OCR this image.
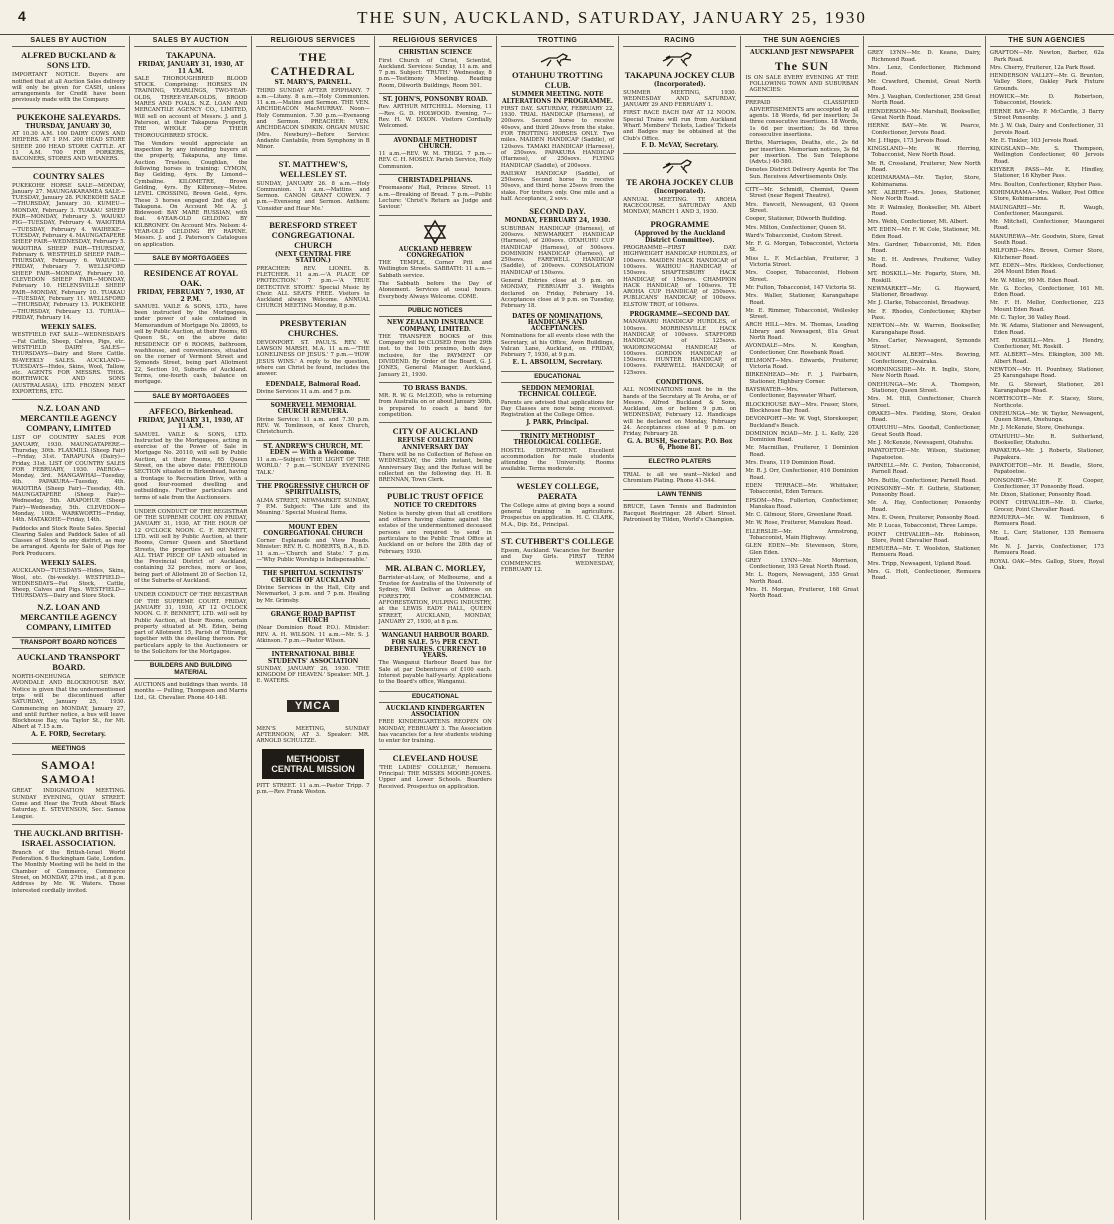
4	THE SUN, AUCKLAND, SATURDAY, JANUARY 25, 1930
SALES BY AUCTION
ALFRED BUCKLAND & SONS LTD.

IMPORTANT NOTICE. Buyers are notified that at all Auction Sales delivery will only be given for CASH, unless arrangements for Credit have been previously made with the Company.

PUKEKOHE SALEYARDS.
THURSDAY, JANUARY 30,

AT 10.30 A.M. 100 DAIRY COWS AND HEIFERS. AT 1 P.M. 200 HEAD STORE SHEEP. 200 HEAD STORE CATTLE. AT 11 A.M. 700 FOR PORKERS, BACONERS, STORES AND WEANERS.

COUNTRY SALES

PUKEKOHE HORSE SALE—MONDAY, January 27. MAUNGAKARAMEA SALE—TUESDAY, January 28. PUKEKOHE SALE—THURSDAY, January 30. KUMEU—MONDAY, February 3. TUAKAU SHEEP FAIR—MONDAY, February 3. WAIUKU FIG—TUESDAY, February 4. WAIOTIRA—TUESDAY, February 4. WAIHEKE—TUESDAY, February 4. MAUNGATAPERE SHEEP FAIR—WEDNESDAY, February 5. WAIOTIRA SHEEP FAIR—THURSDAY, February 6. WESTFIELD SHEEP FAIR—THURSDAY, February 6. WAIUKU—FRIDAY, February 7. WELLSFORD SHEEP FAIR—MONDAY, February 10. CLEVEDON SHEEP FAIR—MONDAY, February 10. HELENSVILLE SHEEP FAIR—MONDAY, February 10. TUAKAU—TUESDAY, February 11. WELLSFORD—THURSDAY, February 13. PUKEKOHE—THURSDAY, February 13. TURUA—FRIDAY, February 14.

WEEKLY SALES.

WESTFIELD FAT SALE—WEDNESDAYS—Fat Cattle, Sheep, Calves, Pigs, etc. WESTFIELD DAIRY SALES—THURSDAYS—Dairy and Store Cattle. BI-WEEKLY SALES. AUCKLAND—TUESDAYS—Hides, Skins, Wool, Tallow, etc. AGENTS FOR MESSRS. THOS. BORTHWICK AND SONS (AUSTRALASIA), LTD. FROZEN MEAT EXPORTERS, ETC.

N.Z. LOAN AND MERCANTILE AGENCY COMPANY, LIMITED

LIST OF COUNTRY SALES FOR JANUARY, 1930. MAUNGATAPERE—Thursday, 30th. FLAXMILL (Sheep Fair)—Friday, 31st. TARAPUNA (Dairy)—Friday, 31st. LIST OF COUNTRY SALES FOR FEBRUARY, 1930. PAEROA—Monday, 3rd. MANGAWHAI—Tuesday, 4th. PAPAKURA—Tuesday, 4th. WAIOTIRA (Sheep Fair)—Tuesday, 4th. MAUNGATAPERE (Sheep Fair)—Wednesday, 5th. ARAPOHUE (Sheep Fair)—Wednesday, 5th. CLEVEDON—Monday, 10th. WARKWORTH—Friday, 14th. MATAKOHE—Friday, 14th.

Paddocks and Stock Route Sales. Special Clearing Sales and Paddock Sales of all Classes of Stock to any district, as may be arranged. Agents for Sale of Pigs for Pork Producers.

WEEKLY SALES.

AUCKLAND—TUESDAYS—Hides, Skins, Wool, etc. (bi-weekly). WESTFIELD—WEDNESDAYS—Fat Stock, Cattle, Sheep, Calves and Pigs. WESTFIELD—THURSDAYS—Dairy and Store Stock.

N.Z. LOAN AND MERCANTILE AGENCY COMPANY, LIMITED
TRANSPORT BOARD NOTICES
AUCKLAND TRANSPORT BOARD.

NORTH-ONEHUNGA SERVICE AVONDALE AND BLOCKHOUSE BAY. Notice is given that the undermentioned trips will be discontinued after SATURDAY, January 25, 1930. Commencing on MONDAY, January 27, and until further notice, a bus will leave Blockhouse Bay, via Taylor St., for Mt. Albert at 7.15 a.m.

A. E. FORD, Secretary.
MEETINGS
SAMOA! SAMOA!

GREAT INDIGNATION MEETING. SUNDAY EVENING, QUAY STREET. Come and Hear the Truth About Black Saturday. E. STEVENSON, Sec. Samoa League.

THE AUCKLAND BRITISH-ISRAEL ASSOCIATION.

Branch of the British-Israel World Federation. 6 Buckingham Gate, London. The Monthly Meeting will be held in the Chamber of Commerce, Commerce Street, on MONDAY, 27th inst., at 8 p.m. Address by Mr. W. Waters. Those interested cordially invited.

SALES BY AUCTION
TAKAPUNA.
FRIDAY, JANUARY 31, 1930, AT 11 A.M.

SALE THOROUGHBRED BLOOD STOCK. Comprising: HORSES IN TRAINING, YEARLINGS, TWO-YEAR-OLDS, THREE-YEAR-OLDS, BROOD MARES AND FOALS. N.Z. LOAN AND MERCANTILE AGENCY CO., LIMITED, Will sell on account of Messrs. J. and J. Paterson, at their Takapuna Property, THE WHOLE OF THEIR THOROUGHBRED STOCK.

The Vendors would appreciate an inspection by any intending buyers at the property, Takapuna, any time. Auction Trustees, Coughlan, the following horses in training: CYMON, Bay Gelding, 4yrs. By Limond—Cymbaline. KILOMETRE, Brown Gelding, 4yrs. By Kilbroney—Metre. LEVEL CROSSING, Brown Geld., 4yrs. These 3 horses engaged 2nd day, at Takapuna. On Account Mr. A. J. Bidewood: BAY MARE RUSSIAN, with foal. 4-YEAR-OLD GELDING BY KILBRONEY. On Account Mrs. Nelson: 4-YEAR-OLD GELDING BY RAPINE. Messrs. J. and J. Paterson's Catalogues on application.

SALE BY MORTGAGEES
RESIDENCE AT ROYAL OAK.
FRIDAY, FEBRUARY 7, 1930, AT 2 P.M.

SAMUEL VAILE & SONS, LTD., have been instructed by the Mortgagees, under power of sale contained in Memorandum of Mortgage No. 28095, to sell by Public Auction, at their Rooms, 65 Queen St., on the above date: RESIDENCE OF 6 ROOMS, bathroom, washhouse, and conveniences, situated on the corner of Vermont Street and Symonds Street, being part Allotment 22, Section 10, Suburbs of Auckland. Terms, one-fourth cash, balance on mortgage.

SALE BY MORTGAGEES
AFFECO, Birkenhead.
FRIDAY, JANUARY 31, 1930, AT 11 A.M.

SAMUEL VAILE & SONS, LTD. Instructed by the Mortgagees, acting in exercise of the Power of Sale in Mortgage No. 20110, will sell by Public Auction, at their Rooms, 65 Queen Street, on the above date: FREEHOLD SECTION situated in Birkenhead, having a frontage to Recreation Drive, with a good four-roomed dwelling and outbuildings. Further particulars and terms of sale from the Auctioneers.

UNDER CONDUCT OF THE REGISTRAR OF THE SUPREME COURT. ON FRIDAY, JANUARY 31, 1930, AT THE HOUR OF 12 O'CLOCK NOON. C. F. BENNETT, LTD. will sell by Public Auction, at their Rooms, Corner Queen and Shortland Streets, the properties set out below: ALL THAT PIECE OF LAND situated in the Provincial District of Auckland, containing 32 perches, more or less, being part of Allotment 20 of Section 12, of the Suburbs of Auckland.

UNDER CONDUCT OF THE REGISTRAR OF THE SUPREME COURT. FRIDAY, JANUARY 31, 1930, AT 12 O'CLOCK NOON. C. F. BENNETT, LTD. will sell by Public Auction, at their Rooms, certain property situated at Mt. Eden, being part of Allotment 15, Parish of Titirangi, together with the dwelling thereon. For particulars apply to the Auctioneers or to the Solicitors for the Mortgagee.

BUILDERS AND BUILDING MATERIAL

AUCTIONS and buildings than words. 18 months — Pulling, Thompson and Marris Ltd., Gt. Chevalier. Phone 40-148.

RELIGIOUS SERVICES
THE CATHEDRAL
ST. MARY'S, PARNELL.

THIRD SUNDAY AFTER EPIPHANY. 7 a.m.—Litany. 8 a.m.—Holy Communion. 11 a.m.—Matins and Sermon. THE VEN. ARCHDEACON MacMURRAY. Noon—Holy Communion. 7.30 p.m.—Evensong and Sermon. PREACHER: VEN. ARCHDEACON SIMKIN. ORGAN MUSIC (Mrs. Newbury)—Before Service: Andante Cantabile, from Symphony in B Minor.

ST. MATTHEW'S, WELLESLEY ST.

SUNDAY, JANUARY 26. 8 a.m.—Holy Communion. 11 a.m.—Mattins and Sermon. CANON GRANT COWEN. 7 p.m.—Evensong and Sermon. Anthem: 'Consider and Hear Me.'

BERESFORD STREET CONGREGATIONAL CHURCH
(NEXT CENTRAL FIRE STATION.)

PREACHER: REV. LIONEL B. FLETCHER. 11 a.m.—'A PLACE OF PROTECTION.' 7 p.m.—'A TRUE DETECTIVE STORY.' Special Music by Choir. ALL SEATS FREE. Visitors to Auckland always Welcome. ANNUAL CHURCH MEETING Monday, 8 p.m.

PRESBYTERIAN CHURCHES.

DEVONPORT. ST. PAUL'S. REV. W. LAWSON MARSH, M.A. 11 a.m.—'THE LONELINESS OF JESUS.' 7 p.m.—'HOW JESUS WINS.' A reply to the question, where can Christ be found, includes the answer.

EDENDALE, Balmoral Road.

Divine Services 11 a.m. and 7 p.m.

SOMERVELL MEMORIAL CHURCH REMUERA.

Divine Service: 11 a.m. and 7.30 p.m. REV. W. Tomlinson, of Knox Church, Christchurch.

ST. ANDREW'S CHURCH, MT. EDEN — With a Welcome.

11 a.m.—Subject: 'THE LIGHT OF THE WORLD.' 7 p.m.—'SUNDAY EVENING TALK.'

THE PROGRESSIVE CHURCH OF SPIRITUALISTS,

ALMA STREET, NEWMARKET. SUNDAY, 7 P.M. Subject: 'The Life and its Meaning.' Special Musical Items.

MOUNT EDEN CONGREGATIONAL CHURCH

Corner Esplanade and View Roads. Minister: REV. R. C. ROBERTS, B.A., B.D. 11 a.m.—'Church and State.' 7 p.m.—'Why Public Worship is Indispensable.'

THE SPIRITUAL SCIENTISTS' CHURCH OF AUCKLAND

Divine Services in the Hall, City and Newmarket, 3 p.m. and 7 p.m. Healing by Mr. Grimsby.

GRANGE ROAD BAPTIST CHURCH

(Near Dominion Road P.O.). Minister: REV. A. H. WILSON. 11 a.m.—Mr. S. J. Atkinson. 7 p.m.—Pastor Wilson.

INTERNATIONAL BIBLE STUDENTS' ASSOCIATION

SUNDAY, JANUARY 26, 1930. 'THE KINGDOM OF HEAVEN.' Speaker: MR. J. E. WATERS.

YMCA

MEN'S MEETING, SUNDAY AFTERNOON, AT 3. Speaker: MR. ARNOLD SCHULTZE.

METHODIST CENTRAL MISSION

PITT STREET. 11 a.m.—Pastor Tripp. 7 p.m.—Rev. Frank Weston.

RELIGIOUS SERVICES
CHRISTIAN SCIENCE

First Church of Christ, Scientist, Auckland. Services: Sunday, 11 a.m. and 7 p.m. Subject: 'TRUTH.' Wednesday, 8 p.m.—Testimony Meeting. Reading Room, Dilworth Buildings, Room 501.

ST. JOHN'S, PONSONBY ROAD.

Rev. ARTHUR MITCHELL. Morning, 11—Rev. G. D. HOLWOOD. Evening, 7—Rev. H. W. DIXON. Visitors Cordially Welcomed.

AVONDALE METHODIST CHURCH.

11 a.m.—REV. W. M. TRIGG. 7 p.m.—REV. C. H. MOSELY. Parish Service, Holy Communion.

CHRISTADELPHIANS.

Freemasons' Hall, Princes Street. 11 a.m.—Breaking of Bread. 7 p.m.—Public Lecture: 'Christ's Return as Judge and Saviour.'

AUCKLAND HEBREW CONGREGATION

THE TEMPLE, Corner Pitt and Wellington Streets. SABBATH: 11 a.m.—Sabbath service.

The Sabbath before the Day of Atonement. Services at usual hours. Everybody Always Welcome. COME.

PUBLIC NOTICES
NEW ZEALAND INSURANCE COMPANY, LIMITED.

THE TRANSFER BOOKS of this Company will be CLOSED from the 29th inst. to the 10th proximo, both days inclusive, for the PAYMENT OF DIVIDEND. By Order of the Board, G. J. JONES, General Manager. Auckland, January 21, 1930.

TO BRASS BANDS.

MR. R. W. G. McLEOD, who is returning from Australia on or about January 30th, is prepared to coach a band for competition.

CITY OF AUCKLAND
REFUSE COLLECTION ANNIVERSARY DAY

There will be no Collection of Refuse on WEDNESDAY, the 29th instant, being Anniversary Day, and the Refuse will be collected on the following day. H. B. BRENNAN, Town Clerk.

PUBLIC TRUST OFFICE
NOTICE TO CREDITORS

Notice is hereby given that all creditors and others having claims against the estates of the undermentioned deceased persons are required to send in particulars to the Public Trust Office at Auckland on or before the 28th day of February, 1930.

MR. ALBAN C. MORLEY,

Barrister-at-Law, of Melbourne, and a Trustee for Australia of the University of Sydney, Will Deliver an Address on FORESTRY, COMMERCIAL AFFORESTATION, PULPING INDUSTRY, at the LEWIS EADY HALL, QUEEN STREET, AUCKLAND, MONDAY, JANUARY 27, 1930, at 8 p.m.

WANGANUI HARBOUR BOARD.
FOR SALE. 5½ PER CENT. DEBENTURES. CURRENCY 10 YEARS.

The Wanganui Harbour Board has for Sale at par Debentures of £100 each. Interest payable half-yearly. Applications to the Board's office, Wanganui.

EDUCATIONAL
AUCKLAND KINDERGARTEN ASSOCIATION

FREE KINDERGARTENS REOPEN ON MONDAY, FEBRUARY 3. The Association has vacancies for a few students wishing to enter for training.

CLEVELAND HOUSE

'THE LADIES' COLLEGE,' Remuera. Principal: THE MISSES MOORE-JONES. Upper and Lower Schools. Boarders Received. Prospectus on application.

TROTTING
OTAHUHU TROTTING CLUB.
SUMMER MEETING. NOTE ALTERATIONS IN PROGRAMME.

FIRST DAY. SATURDAY, FEBRUARY 22, 1930. TRIAL HANDICAP (Harness), of 200sovs. Second horse to receive 40sovs, and third 20sovs from the stake. FOR TROTTING HORSES ONLY. Two miles. MAIDEN HANDICAP (Saddle), of 120sovs. TAMAKI HANDICAP (Harness), of 250sovs. PAPAKURA HANDICAP (Harness), of 250sovs. FLYING HANDICAP (Saddle), of 200sovs.

RAILWAY HANDICAP (Saddle), of 250sovs. Second horse to receive 50sovs, and third horse 25sovs from the stake. For trotters only. One mile and a half. Acceptance, 2 sovs.

SECOND DAY.
MONDAY, FEBRUARY 24, 1930.

SUBURBAN HANDICAP (Harness), of 200sovs. NEWMARKET HANDICAP (Harness), of 200sovs. OTAHUHU CUP HANDICAP (Harness), of 500sovs. DOMINION HANDICAP (Harness), of 250sovs. FAREWELL HANDICAP (Saddle), of 200sovs. CONSOLATION HANDICAP of 150sovs.

General Entries close at 9 p.m. on MONDAY, FEBRUARY 3. Weights declared on Friday, February 14. Acceptances close at 9 p.m. on Tuesday, February 18.

DATES OF NOMINATIONS, HANDICAPS AND ACCEPTANCES.

Nominations for all events close with the Secretary, at his Office, Avon Buildings, Vulcan Lane, Auckland, on FRIDAY, February 7, 1930, at 9 p.m.

E. L. ABSOLUM, Secretary.
EDUCATIONAL
SEDDON MEMORIAL TECHNICAL COLLEGE.

Parents are advised that applications for Day Classes are now being received. Registration at the College Office.

J. PARK, Principal.
TRINITY METHODIST THEOLOGICAL COLLEGE.

HOSTEL DEPARTMENT. Excellent accommodation for male students attending the University. Rooms available. Terms moderate.

WESLEY COLLEGE, PAERATA

The College aims at giving boys a sound general training in agriculture. Prospectus on application. H. C. CLARK, M.A., Dip. Ed., Principal.

ST. CUTHBERT'S COLLEGE

Epsom, Auckland. Vacancies for Boarder and Day Girls. FIRST TERM COMMENCES WEDNESDAY, FEBRUARY 12.

RACING
TAKAPUNA JOCKEY CLUB
(Incorporated).

SUMMER MEETING, 1930. WEDNESDAY AND SATURDAY, JANUARY 29 AND FEBRUARY 1.

FIRST RACE EACH DAY AT 12 NOON. Special Trains will run from Auckland Wharf. Members' Tickets, Ladies' Tickets and Badges may be obtained at the Club's Office.

F. D. McVAY, Secretary.
TE AROHA JOCKEY CLUB
(Incorporated).

ANNUAL MEETING. TE AROHA RACECOURSE. SATURDAY AND MONDAY, MARCH 1 AND 3, 1930.

PROGRAMME
(Approved by the Auckland District Committee).

PROGRAMME—FIRST DAY. HIGHWEIGHT HANDICAP HURDLES, of 100sovs. MAIDEN HACK HANDICAP, of 100sovs. WAIHOU HANDICAP, of 150sovs. SHAFTESBURY HACK HANDICAP, of 150sovs. CHAMPION HACK HANDICAP, of 100sovs. TE AROHA CUP HANDICAP, of 250sovs. PUBLICANS' HANDICAP, of 100sovs. ELSTOW TROT, of 100sovs.

PROGRAMME—SECOND DAY.

MANAWARU HANDICAP HURDLES, of 100sovs. MORRINSVILLE HACK HANDICAP, of 100sovs. STAFFORD HANDICAP, of 125sovs. WAIORONGOMAI HANDICAP, of 100sovs. GORDON HANDICAP, of 150sovs. HUNTER HANDICAP, of 100sovs. FAREWELL HANDICAP, of 125sovs.

CONDITIONS.

ALL NOMINATIONS must be in the hands of the Secretary at Te Aroha, or of Messrs. Alfred Buckland & Sons, Auckland, on or before 9 p.m. on WEDNESDAY, February 12. Handicaps will be declared on Monday, February 24. Acceptances close at 9 p.m. on Friday, February 28.

G. A. BUSH, Secretary. P.O. Box 6, Phone 81.
ELECTRO PLATERS

TRIAL is all we want—Nickel and Chromium Plating. Phone 41-544.

LAWN TENNIS

BRUCE, Lawn Tennis and Badminton Racquet Restringer. 28 Albert Street. Patronised by Tilden, World's Champion.

THE SUN AGENCIES
AUCKLAND JEST NEWSPAPER
The SUN

IS ON SALE EVERY EVENING AT THE FOLLOWING TOWN AND SUBURBAN AGENCIES:

PREPAID CLASSIFIED ADVERTISEMENTS are accepted by all agents. 18 Words, 6d per insertion; 3s three consecutive insertions. 18 Words, 1s 6d per insertion; 3s 6d three consecutive insertions.

Births, Marriages, Deaths, etc., 2s 6d per insertion. Memoriam notices, 3s 6d per insertion. The Sun Telephone (Advts.) 40-580.

Denotes District Delivery Agents for The Sun. Receives Advertisements Only.

CITY—Mr. Schmidt, Chemist, Queen Street (near Regent Theatre).

Mrs. Fawcett, Newsagent, 63 Queen Street.

Cooper, Stationer, Dilworth Building.

Mrs. Milton, Confectioner, Queen St.

Ward's Tobacconist, Custom Street.

Mr. F. G. Morgan, Tobacconist, Victoria St.

Miss L. F. McLachlan, Fruiterer, 3 Victoria Street.

Mrs. Cooper, Tobacconist, Hobson Street.

Mr. Fulton, Tobacconist, 147 Victoria St.

Mrs. Waller, Stationer, Karangahape Road.

Mr. E. Rimmer, Tobacconist, Wellesley Street.

ARCH HILL—Mrs. M. Thomas, Leading Library and Newsagent, 81a Great North Road.

AVONDALE—Mrs. N. Keoghan, Confectioner, Cnr. Rosebank Road.

BELMONT—Mrs. Edwards, Fruiterer, Victoria Road.

BIRKENHEAD—Mr. F. J. Fairbairn, Stationer, Highbury Corner.

BAYSWATER—Mrs. Patterson, Confectioner, Bayswater Wharf.

BLOCKHOUSE BAY—Mrs. Fraser, Store, Blockhouse Bay Road.

DEVONPORT—Mr. W. Vogt, Storekeeper, Buckland's Beach.

DOMINION ROAD—Mr. J. L. Kelly, 226 Dominion Road.

Mr. Macmillan, Fruiterer, 1 Dominion Road.

Mrs. Evans, 119 Dominion Road.

Mr. R. J. Orr, Confectioner, 416 Dominion Road.

EDEN TERRACE—Mr. Whittaker, Tobacconist, Eden Terrace.

EPSOM—Mrs. Fullerton, Confectioner, Manukau Road.

Mr. C. Gilmour, Store, Greenlane Road.

Mr. W. Rose, Fruiterer, Manukau Road.

ELLERSLIE—Mr. Armstrong, Tobacconist, Main Highway.

GLEN EDEN—Mr. Stevenson, Store, Glen Eden.

GREY LYNN—Mr. Morrison, Confectioner, 193 Great North Road.

Mr. L. Rogers, Newsagent, 355 Great North Road.

Mrs. H. Morgan, Fruiterer, 168 Great North Road.

GREY LYNN—Mr. D. Keane, Dairy, Richmond Road.

Mrs. Lenz, Confectioner, Richmond Road.

Mr. Crawford, Chemist, Great North Road.

Mrs. J. Vaughan, Confectioner, 258 Great North Road.

HENDERSON—Mr. Marshall, Bookseller, Great North Road.

HERNE BAY—Mr. W. Pearce, Confectioner, Jervois Road.

Mr. J. Higgs, 173 Jervois Road.

KINGSLAND—Mr. W. Herring, Tobacconist, New North Road.

Mr. R. Crossland, Fruiterer, New North Road.

KOHIMARAMA—Mr. Taylor, Store, Kohimarama.

MT. ALBERT—Mrs. Jones, Stationer, New North Road.

Mr. P. Walmsley, Bookseller, Mt. Albert Road.

Mrs. Webb, Confectioner, Mt. Albert.

MT. EDEN—Mr. F. W. Cole, Stationer, Mt. Eden Road.

Mrs. Gardner, Tobacconist, Mt. Eden Road.

Mr. E. H. Andrews, Fruiterer, Valley Road.

MT. ROSKILL—Mr. Fogarty, Store, Mt. Roskill.

NEWMARKET—Mr. G. Hayward, Stationer, Broadway.

Mr. J. Clarke, Tobacconist, Broadway.

Mr. F. Rhodes, Confectioner, Khyber Pass.

NEWTON—Mr. W. Warren, Bookseller, Karangahape Road.

Mrs. Carter, Newsagent, Symonds Street.

MOUNT ALBERT—Mrs. Bowring, Confectioner, Owairaka.

MORNINGSIDE—Mr. R. Inglis, Store, New North Road.

ONEHUNGA—Mr. A. Thompson, Stationer, Queen Street.

Mrs. M. Hill, Confectioner, Church Street.

ORAKEI—Mrs. Fielding, Store, Orakei Road.

OTAHUHU—Mrs. Goodall, Confectioner, Great South Road.

Mr. J. McKenzie, Newsagent, Otahuhu.

PAPATOETOE—Mr. Wilson, Stationer, Papatoetoe.

PARNELL—Mr. C. Fenton, Tobacconist, Parnell Road.

Mrs. Buttle, Confectioner, Parnell Road.

PONSONBY—Mr. F. Guthrie, Stationer, Ponsonby Road.

Mr. A. Hay, Confectioner, Ponsonby Road.

Mrs. E. Owen, Fruiterer, Ponsonby Road.

Mr. P. Lucas, Tobacconist, Three Lamps.

POINT CHEVALIER—Mr. Robinson, Store, Point Chevalier Road.

REMUERA—Mr. T. Woolston, Stationer, Remuera Road.

Mrs. Tripp, Newsagent, Upland Road.

Mrs. G. Holt, Confectioner, Remuera Road.

THE SUN AGENCIES

GRAFTON—Mr. Newton, Barber, 62a Park Road.

Mrs. Cherry, Fruiterer, 12a Park Road.

HENDERSON VALLEY—Mr. G. Brunton, Valley Store, Oakley Park Fixture Grounds.

HOWICK—Mr. D. Robertson, Tobacconist, Howick.

HERNE BAY—Mr. P. McCardle, 3 Barry Street Ponsonby.

Mr. J. W. Oak, Dairy and Confectioner, 31 Jervois Road.

Mr. E. Tinkler, 103 Jervois Road.

KINGSLAND—Mr. S. Thompson, Wellington Confectioner, 60 Jervois Road.

KHYBER PASS—Mr. E. Hindley, Stationer, 16 Khyber Pass.

Mrs. Boulton, Confectioner, Khyber Pass.

KOHIMARAMA—Mrs. Walker, Post Office Store, Kohimarama.

MAUNGAREI—Mr. R. Waugh, Confectioner, Maungarei.

Mr. Mitchell, Confectioner, Maungarei Road.

MANUREWA—Mr. Goodwin, Store, Great South Road.

MILFORD—Mrs. Brown, Corner Store, Kitchener Road.

MT. EDEN—Mrs. Rickless, Confectioner, 204 Mount Eden Road.

Mr. W. Miller, 99 Mt. Eden Road.

Mr. G. Eccles, Confectioner, 161 Mt. Eden Road.

Mr. F. H. Mellor, Confectioner, 223 Mount Eden Road.

Mr. C. Taylor, 36 Valley Road.

Mr. W. Adams, Stationer and Newsagent, Eden Road.

MT. ROSKILL—Mrs. J. Hendry, Confectioner, Mt. Roskill.

MT. ALBERT—Mrs. Elkington, 300 Mt. Albert Road.

NEWTON—Mr. H. Pountney, Stationer, 25 Karangahape Road.

Mr. G. Stewart, Stationer, 261 Karangahape Road.

NORTHCOTE—Mr. F. Stacey, Store, Northcote.

ONEHUNGA—Mr. W. Taylor, Newsagent, Queen Street, Onehunga.

Mr. J. McKenzie, Store, Onehunga.

OTAHUHU—Mr. R. Sutherland, Bookseller, Otahuhu.

PAPAKURA—Mr. J. Roberts, Stationer, Papakura.

PAPATOETOE—Mr. H. Beadle, Store, Papatoetoe.

PONSONBY—Mr. F. Cooper, Confectioner, 37 Ponsonby Road.

Mr. Dixon, Stationer, Ponsonby Road.

POINT CHEVALIER—Mr. D. Clarke, Grocer, Point Chevalier Road.

REMUERA—Mr. W. Tomlinson, 6 Remuera Road.

Mr. L. Carr, Stationer, 135 Remuera Road.

Mr. N. J. Jarvis, Confectioner, 173 Remuera Road.

ROYAL OAK—Mrs. Gallop, Store, Royal Oak.
